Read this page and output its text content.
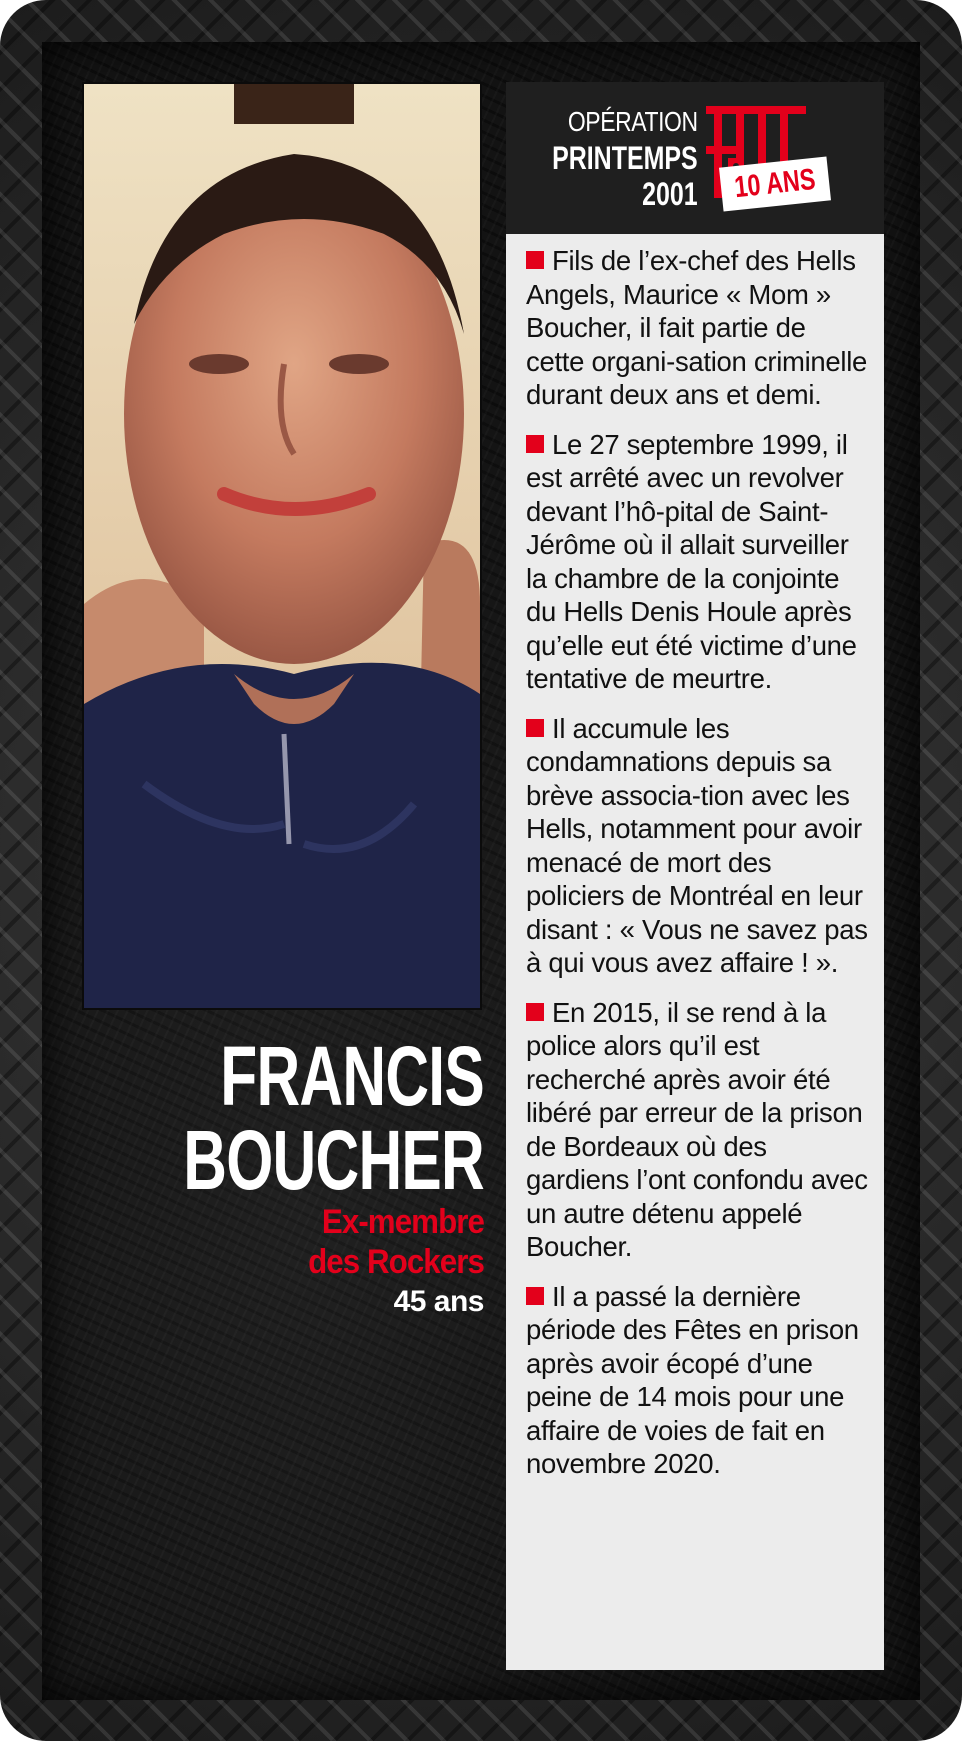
OPÉRATION
PRINTEMPS
2001 10 ANS

Fils de l’ex-chef des Hells Angels, Maurice « Mom » Boucher, il fait partie de cette organi-sation criminelle durant deux ans et demi.

Le 27 septembre 1999, il est arrêté avec un revolver devant l’hô-pital de Saint-Jérôme où il allait surveiller la chambre de la conjointe du Hells Denis Houle après qu’elle eut été victime d’une tentative de meurtre.

Il accumule les condamnations depuis sa brève associa-tion avec les Hells, notamment pour avoir menacé de mort des policiers de Montréal en leur disant : « Vous ne savez pas à qui vous avez affaire ! ».

En 2015, il se rend à la police alors qu’il est recherché après avoir été libéré par erreur de la prison de Bordeaux où des gardiens l’ont confondu avec un autre détenu appelé Boucher.

Il a passé la dernière période des Fêtes en prison après avoir écopé d’une peine de 14 mois pour une affaire de voies de fait en novembre 2020.

FRANCIS
BOUCHER
Ex-membre
des Rockers
45 ans
